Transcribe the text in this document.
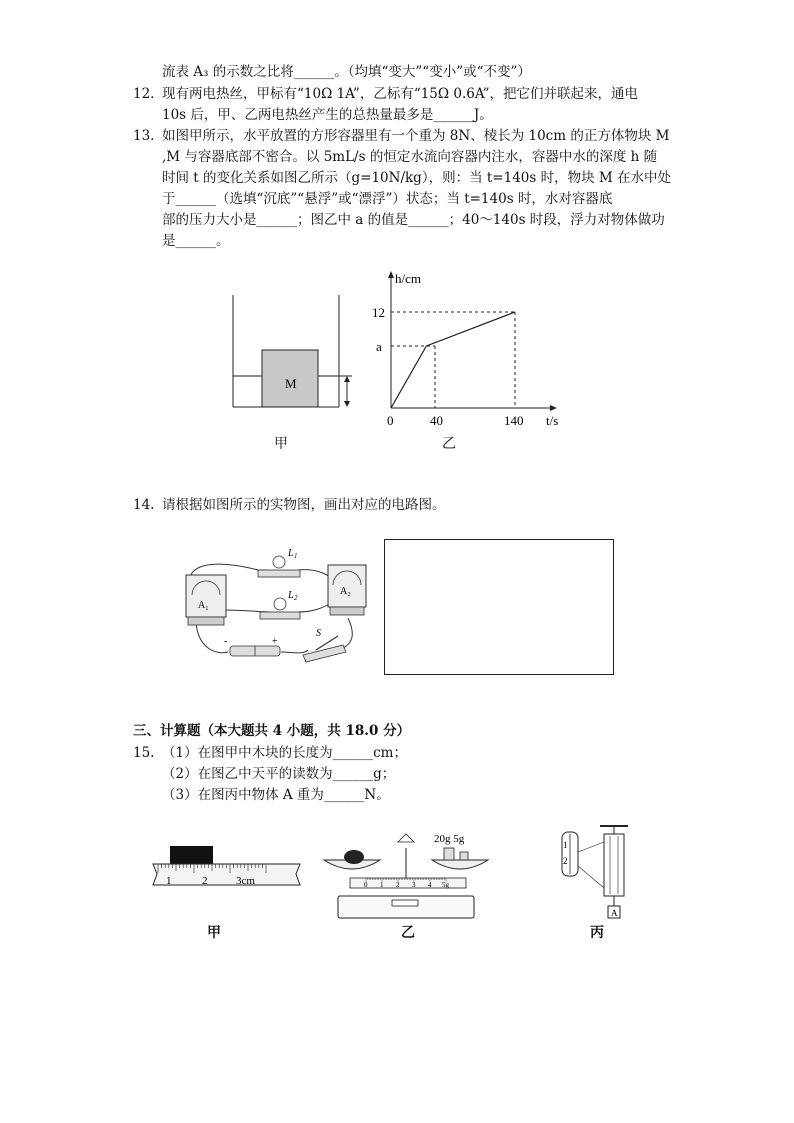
流表 A₃ 的示数之比将______。（均填“变大”“变小”或“不变”）
12. 现有两电热丝，甲标有“10Ω 1A”，乙标有“15Ω 0.6A”，把它们并联起来，通电
10s 后，甲、乙两电热丝产生的总热量最多是______J。
13. 如图甲所示，水平放置的方形容器里有一个重为 8N、棱长为 10cm 的正方体物块 M
,M 与容器底部不密合。以 5mL/s 的恒定水流向容器内注水，容器中水的深度 h 随
时间 t 的变化关系如图乙所示（g=10N/kg），则：当 t=140s 时，物块 M 在水中处
于______（选填“沉底”“悬浮”或“漂浮”）状态；当 t=140s 时，水对容器底
部的压力大小是______；图乙中 a 的值是______；40～140s 时段，浮力对物体做功
是______。
M
甲
h/cm
t/s
12
a
0	40	140
乙
14. 请根据如图所示的实物图，画出对应的电路图。
A₁
A₂
L 1
L 2
-	+
S
三、计算题（本大题共 4 小题，共 18.0 分）
15. （1）在图甲中木块的长度为______cm；
（2）在图乙中天平的读数为______g；
（3）在图丙中物体 A 重为______N。
1	2	3cm
甲
20g 5g
0 1 2 3 4 5g
乙
1
2
A
丙
